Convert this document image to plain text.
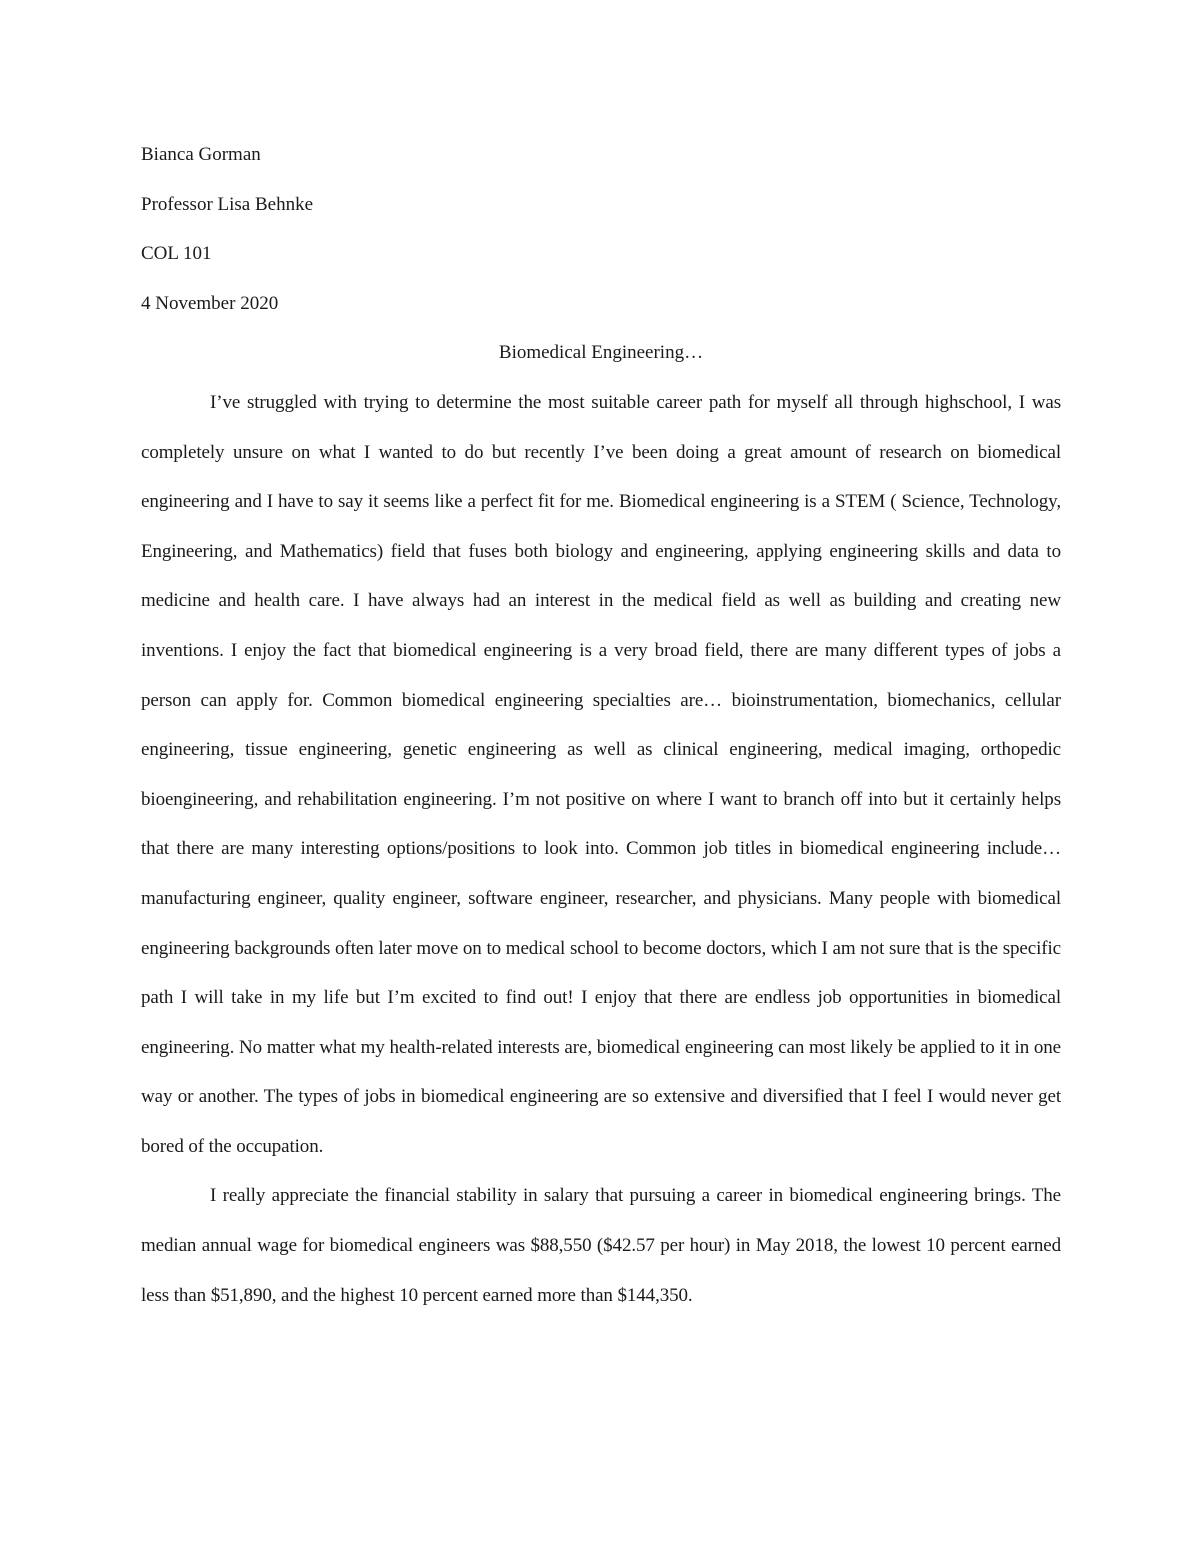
Bianca Gorman

Professor Lisa Behnke

COL 101

4 November 2020

Biomedical Engineering…

I’ve struggled with trying to determine the most suitable career path for myself all through highschool, I was completely unsure on what I wanted to do but recently I’ve been doing a great amount of research on biomedical engineering and I have to say it seems like a perfect fit for me. Biomedical engineering is a STEM ( Science, Technology, Engineering, and Mathematics) field that fuses both biology and engineering, applying engineering skills and data to medicine and health care. I have always had an interest in the medical field as well as building and creating new inventions. I enjoy the fact that biomedical engineering is a very broad field, there are many different types of jobs a person can apply for. Common biomedical engineering specialties are… bioinstrumentation, biomechanics, cellular engineering, tissue engineering, genetic engineering as well as clinical engineering, medical imaging, orthopedic bioengineering, and rehabilitation engineering. I’m not positive on where I want to branch off into but it certainly helps that there are many interesting options/positions to look into. Common job titles in biomedical engineering include… manufacturing engineer, quality engineer, software engineer, researcher, and physicians. Many people with biomedical engineering backgrounds often later move on to medical school to become doctors, which I am not sure that is the specific path I will take in my life but I’m excited to find out! I enjoy that there are endless job opportunities in biomedical engineering. No matter what my health-related interests are, biomedical engineering can most likely be applied to it in one way or another. The types of jobs in biomedical engineering are so extensive and diversified that I feel I would never get bored of the occupation.

I really appreciate the financial stability in salary that pursuing a career in biomedical engineering brings. The median annual wage for biomedical engineers was $88,550 ($42.57 per hour) in May 2018, the lowest 10 percent earned less than $51,890, and the highest 10 percent earned more than $144,350.
